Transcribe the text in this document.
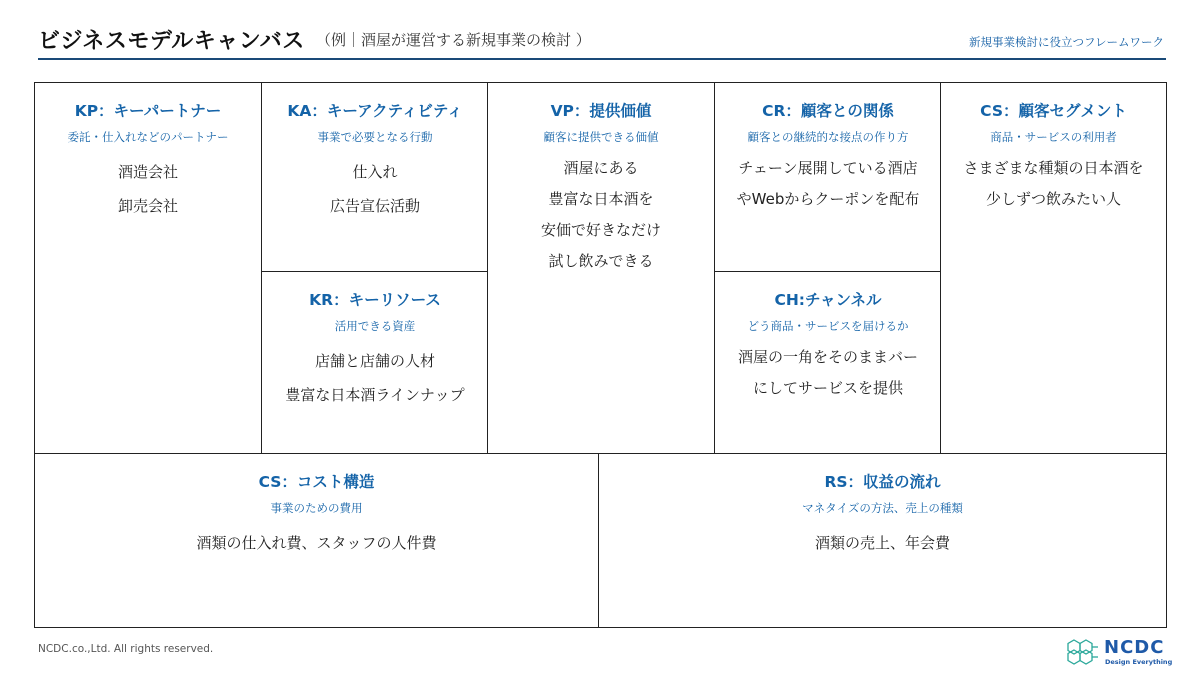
ビジネスモデルキャンバス （例｜酒屋が運営する新規事業の検討 ）	新規事業検討に役立つフレームワーク
KP：キーパートナー
委託・仕入れなどのパートナー
酒造会社
卸売会社
KA：キーアクティビティ
事業で必要となる行動
仕入れ
広告宣伝活動
KR：キーリソース
活用できる資産
店舗と店舗の人材
豊富な日本酒ラインナップ
VP：提供価値
顧客に提供できる価値
酒屋にある
豊富な日本酒を
安価で好きなだけ
試し飲みできる
CR：顧客との関係
顧客との継続的な接点の作り方
チェーン展開している酒店
やWebからクーポンを配布
CH:チャンネル
どう商品・サービスを届けるか
酒屋の一角をそのままバー
にしてサービスを提供
CS：顧客セグメント
商品・サービスの利用者
さまざまな種類の日本酒を
少しずつ飲みたい人
CS：コスト構造
事業のための費用
酒類の仕入れ費、スタッフの人件費
RS：収益の流れ
マネタイズの方法、売上の種類
酒類の売上、年会費
NCDC.co.,Ltd. All rights reserved.	NCDC
Design Everything
